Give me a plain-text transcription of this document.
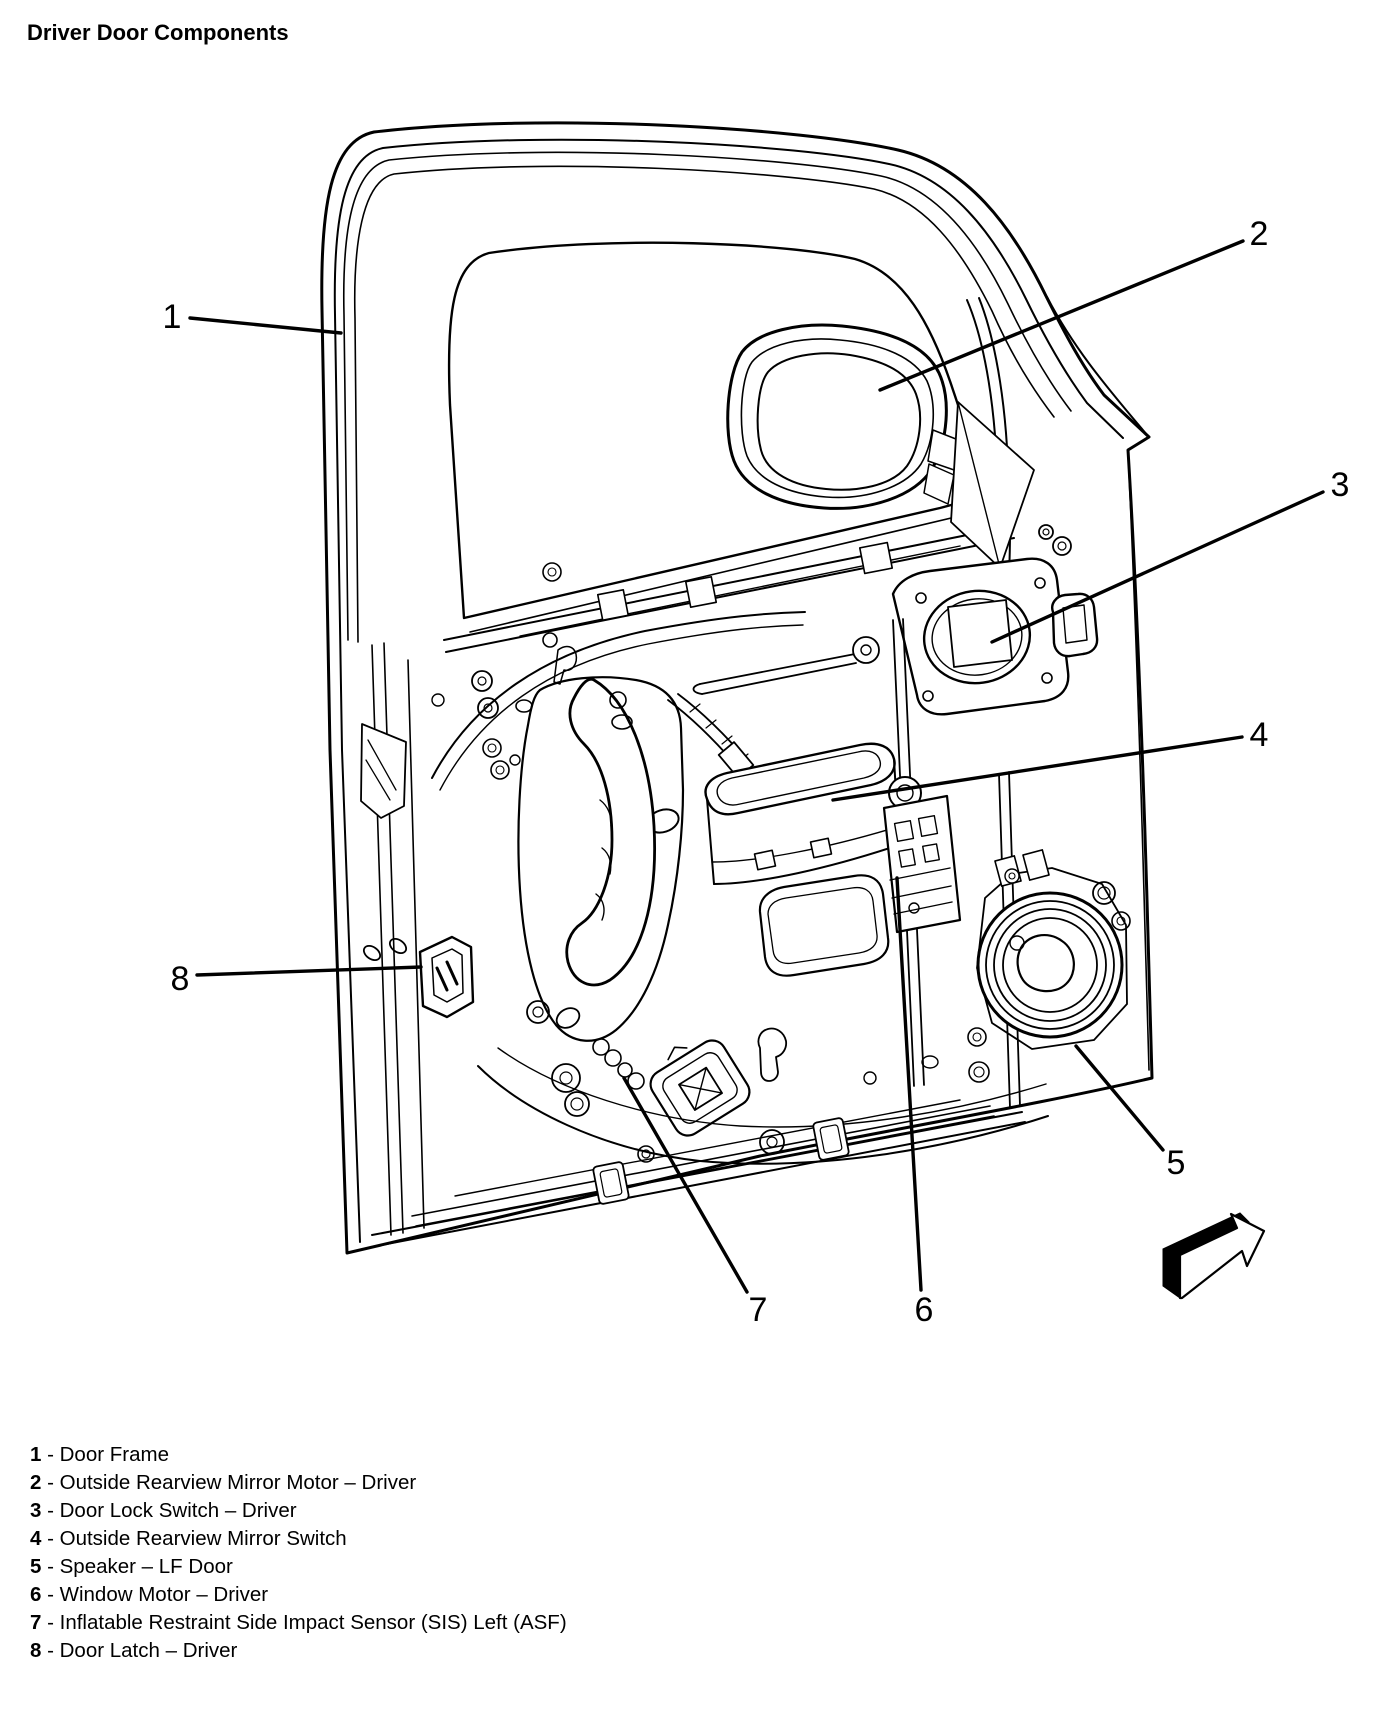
Driver Door Components
1
2
3
4
5
6
7
8
1 - Door Frame
2 - Outside Rearview Mirror Motor – Driver
3 - Door Lock Switch – Driver
4 - Outside Rearview Mirror Switch
5 - Speaker – LF Door
6 - Window Motor – Driver
7 - Inflatable Restraint Side Impact Sensor (SIS) Left (ASF)
8 - Door Latch – Driver
